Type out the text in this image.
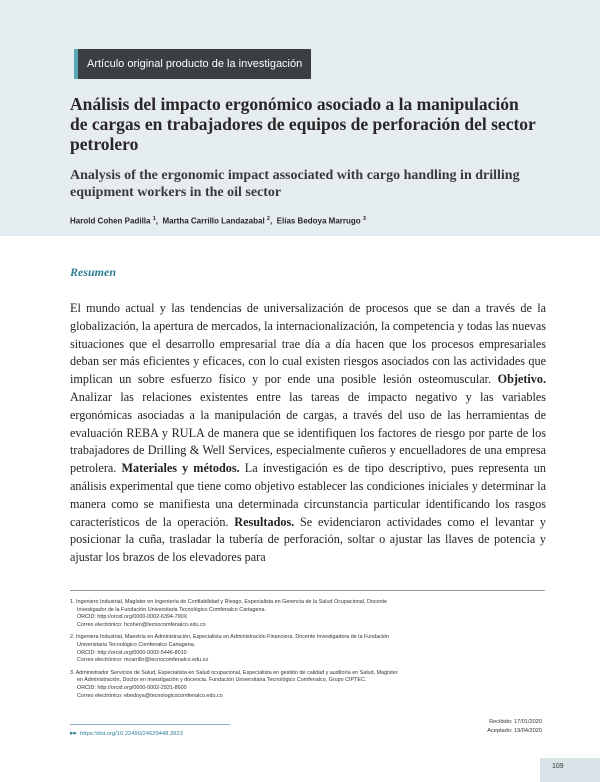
Artículo original producto de la investigación
Análisis del impacto ergonómico asociado a la manipulación de cargas en trabajadores de equipos de perforación del sector petrolero
Analysis of the ergonomic impact associated with cargo handling in drilling equipment workers in the oil sector
Harold Cohen Padilla $^1$,  Martha Carrillo Landazabal $^2$,  Elías Bedoya Marrugo $^3$
Resumen

El mundo actual y las tendencias de universalización de procesos que se dan a través de la globalización, la apertura de mercados, la internacionalización, la competencia y todas las nuevas situaciones que el desarrollo empresarial trae día a día hacen que los procesos empresariales deban ser más eficientes y eficaces, con lo cual existen riesgos asociados con las actividades que implican un sobre esfuerzo físico y por ende una posible lesión osteomuscular. Objetivo. Analizar las relaciones existentes entre las tareas de impacto negativo y las variables ergonómicas asociadas a la manipulación de cargas, a través del uso de las herramientas de evaluación REBA y RULA de manera que se identifiquen los factores de riesgo por parte de los trabajadores de Drilling & Well Services, especialmente cuñeros y encuelladores de una empresa petrolera. Materiales y métodos. La investigación es de tipo descriptivo, pues representa un análisis experimental que tiene como objetivo establecer las condiciones iniciales y determinar la manera como se manifiesta una determinada circunstancia particular identificando los rasgos característicos de la operación. Resultados. Se evidenciaron actividades como el levantar y posicionar la cuña, trasladar la tubería de perforación, soltar o ajustar las llaves de potencia y ajustar los brazos de los elevadores para

1. Ingeniero Industrial, Magíster en Ingeniería de Confiabilidad y Riesgo, Especialista en Gerencia de la Salud Ocupacional, Docente
Investigador de la Fundación Universitaria Tecnológico Comfenalco Cartagena.
ORCID: http://orcid.org/0000-0002-6394-790X
Correo electrónico: hcohen@tecnocomfenalco.edu.co
2. Ingeniera Industrial, Maestría en Administración, Especialista en Administración Financiera. Docente Investigadora de la Fundación
Universitaria Tecnológico Comfenalco Cartagena.
ORCID: http://orcid.org/0000-0002-5446-8010
Correo electrónico: mcarrillo@tecnocomfenalco.edu.co
3. Administrador Servicios de Salud, Especialista en Salud ocupacional, Especialista en gestión de calidad y auditoría en Salud, Magíster
en Administración, Doctor en investigación y docencia. Fundación Universitaria Tecnológico Comfenalco, Grupo CIPTEC.
ORCID: http://orcid.org/0000-0002-2931-8600
Correo electrónico: ebedoya@tecnologicocomfenalco.edu.co
Recibido: 17/01/2020
Aceptado: 19/04/2020
▸▸ https://doi.org/10.22490/24629448.3923
109
